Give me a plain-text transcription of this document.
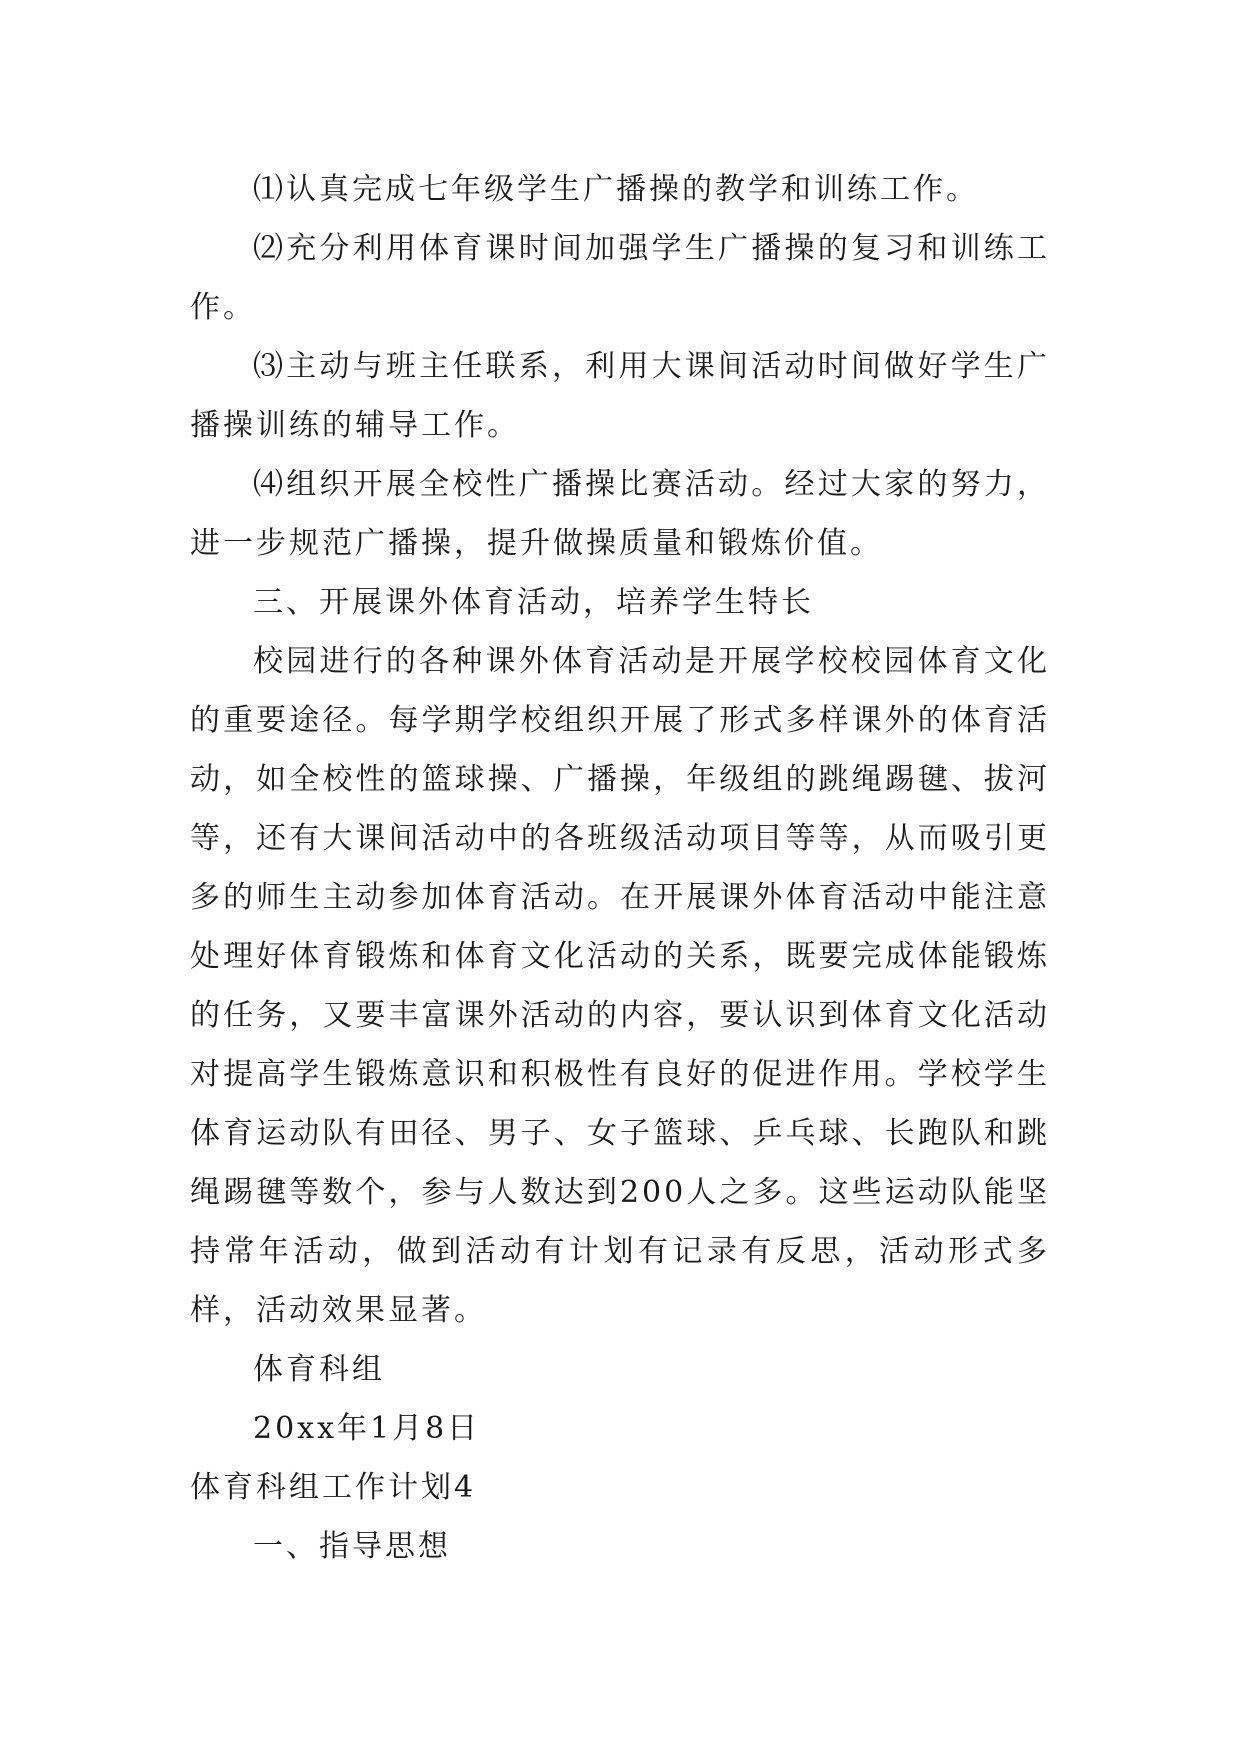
⑴认真完成七年级学生广播操的教学和训练工作。

⑵充分利用体育课时间加强学生广播操的复习和训练工作。

⑶主动与班主任联系，利用大课间活动时间做好学生广播操训练的辅导工作。

⑷组织开展全校性广播操比赛活动。经过大家的努力，进一步规范广播操，提升做操质量和锻炼价值。

三、开展课外体育活动，培养学生特长

校园进行的各种课外体育活动是开展学校校园体育文化的重要途径。每学期学校组织开展了形式多样课外的体育活动，如全校性的篮球操、广播操，年级组的跳绳踢毽、拔河等，还有大课间活动中的各班级活动项目等等，从而吸引更多的师生主动参加体育活动。在开展课外体育活动中能注意处理好体育锻炼和体育文化活动的关系，既要完成体能锻炼的任务，又要丰富课外活动的内容，要认识到体育文化活动对提高学生锻炼意识和积极性有良好的促进作用。学校学生体育运动队有田径、男子、女子篮球、乒乓球、长跑队和跳绳踢毽等数个，参与人数达到200人之多。这些运动队能坚持常年活动，做到活动有计划有记录有反思，活动形式多样，活动效果显著。

体育科组

20xx年1月8日

体育科组工作计划4

一、指导思想
